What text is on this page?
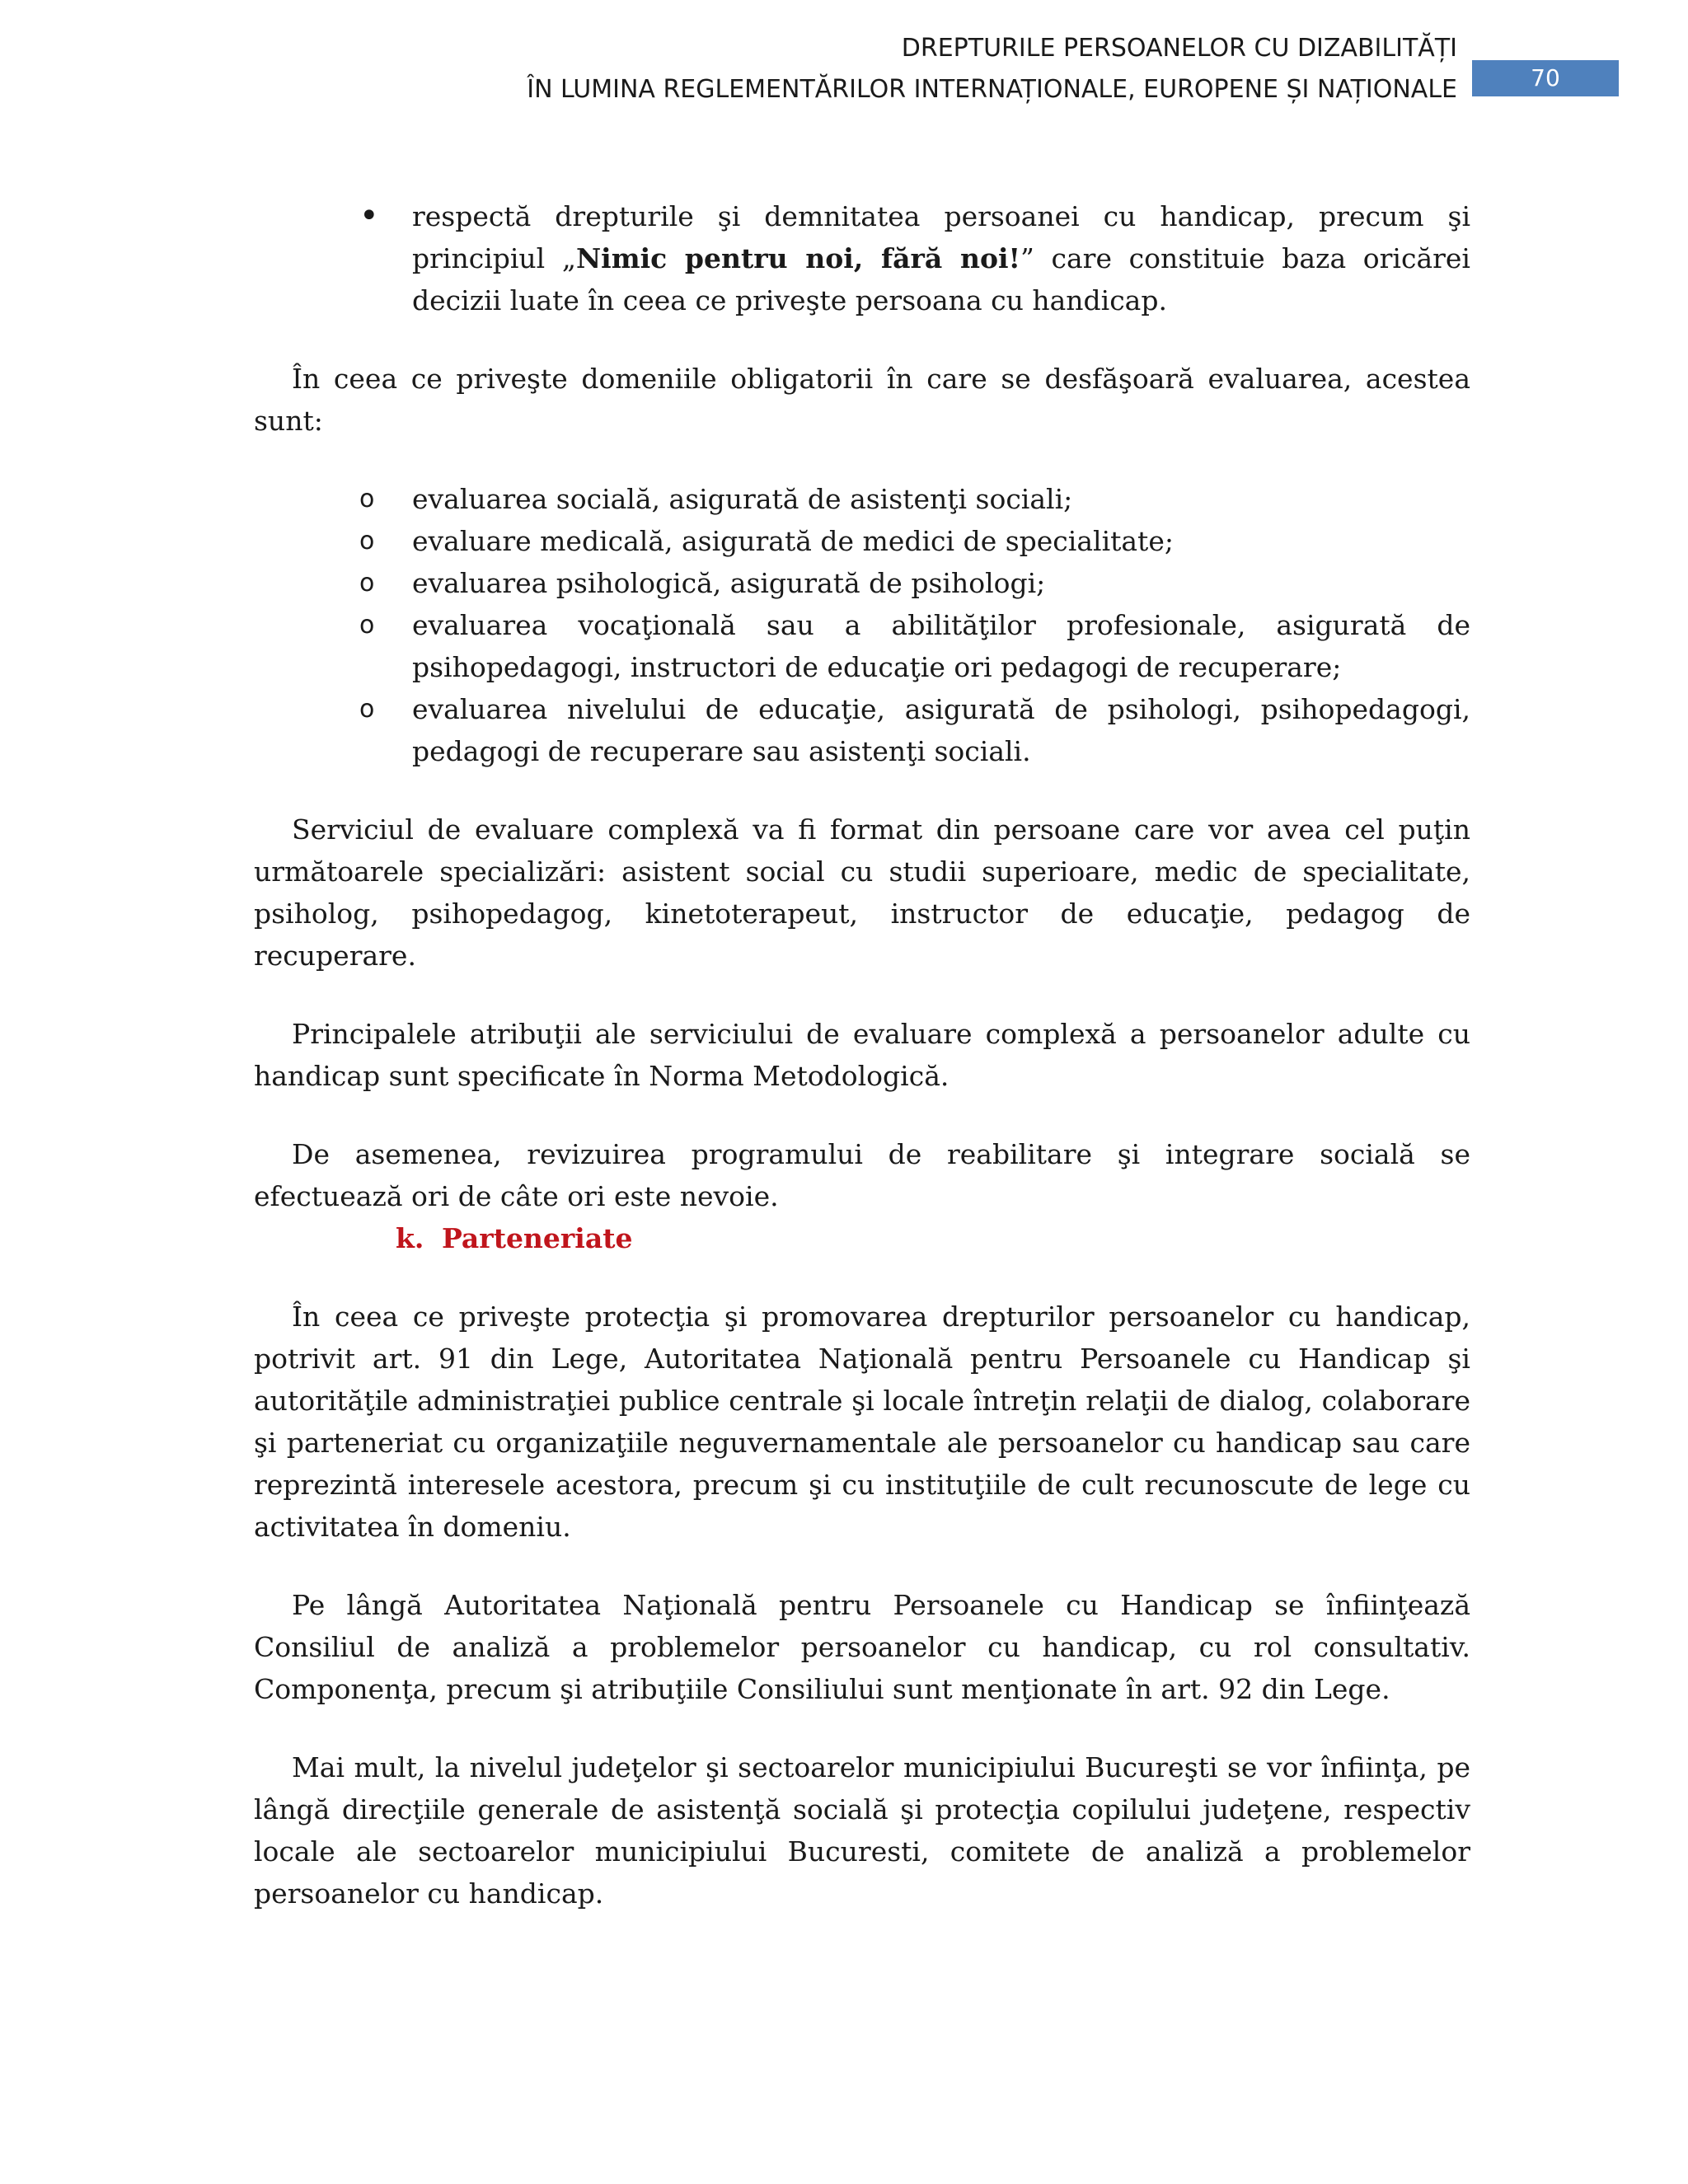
DREPTURILE PERSOANELOR CU DIZABILITĂȚI
ÎN LUMINA REGLEMENTĂRILOR INTERNAȚIONALE, EUROPENE ȘI NAȚIONALE	70
•	respectă drepturile şi demnitatea persoanei cu handicap, precum şi principiul „Nimic pentru noi, fără noi!” care constituie baza oricărei decizii luate în ceea ce priveşte persoana cu handicap.

În ceea ce priveşte domeniile obligatorii în care se desfăşoară evaluarea, acestea sunt:

o	evaluarea socială, asigurată de asistenţi sociali;
o	evaluare medicală, asigurată de medici de specialitate;
o	evaluarea psihologică, asigurată de psihologi;
o	evaluarea vocaţională sau a abilităţilor profesionale, asigurată de psihopedagogi, instructori de educaţie ori pedagogi de recuperare;
o	evaluarea nivelului de educaţie, asigurată de psihologi, psihopedagogi, pedagogi de recuperare sau asistenţi sociali.

Serviciul de evaluare complexă va fi format din persoane care vor avea cel puţin următoarele specializări: asistent social cu studii superioare, medic de specialitate, psiholog, psihopedagog, kinetoterapeut, instructor de educaţie, pedagog de recuperare.

Principalele atribuţii ale serviciului de evaluare complexă a persoanelor adulte cu handicap sunt specificate în Norma Metodologică.

De asemenea, revizuirea programului de reabilitare şi integrare socială se efectuează ori de câte ori este nevoie.

k. Parteneriate

În ceea ce priveşte protecţia şi promovarea drepturilor persoanelor cu handicap, potrivit art. 91 din Lege, Autoritatea Naţională pentru Persoanele cu Handicap şi autorităţile administraţiei publice centrale şi locale întreţin relaţii de dialog, colaborare şi parteneriat cu organizaţiile neguvernamentale ale persoanelor cu handicap sau care reprezintă interesele acestora, precum şi cu instituţiile de cult recunoscute de lege cu activitatea în domeniu.

Pe lângă Autoritatea Naţională pentru Persoanele cu Handicap se înfiinţează Consiliul de analiză a problemelor persoanelor cu handicap, cu rol consultativ. Componenţa, precum şi atribuţiile Consiliului sunt menţionate în art. 92 din Lege.

Mai mult, la nivelul judeţelor şi sectoarelor municipiului Bucureşti se vor înfiinţa, pe lângă direcţiile generale de asistenţă socială şi protecţia copilului judeţene, respectiv locale ale sectoarelor municipiului Bucuresti, comitete de analiză a problemelor persoanelor cu handicap.
